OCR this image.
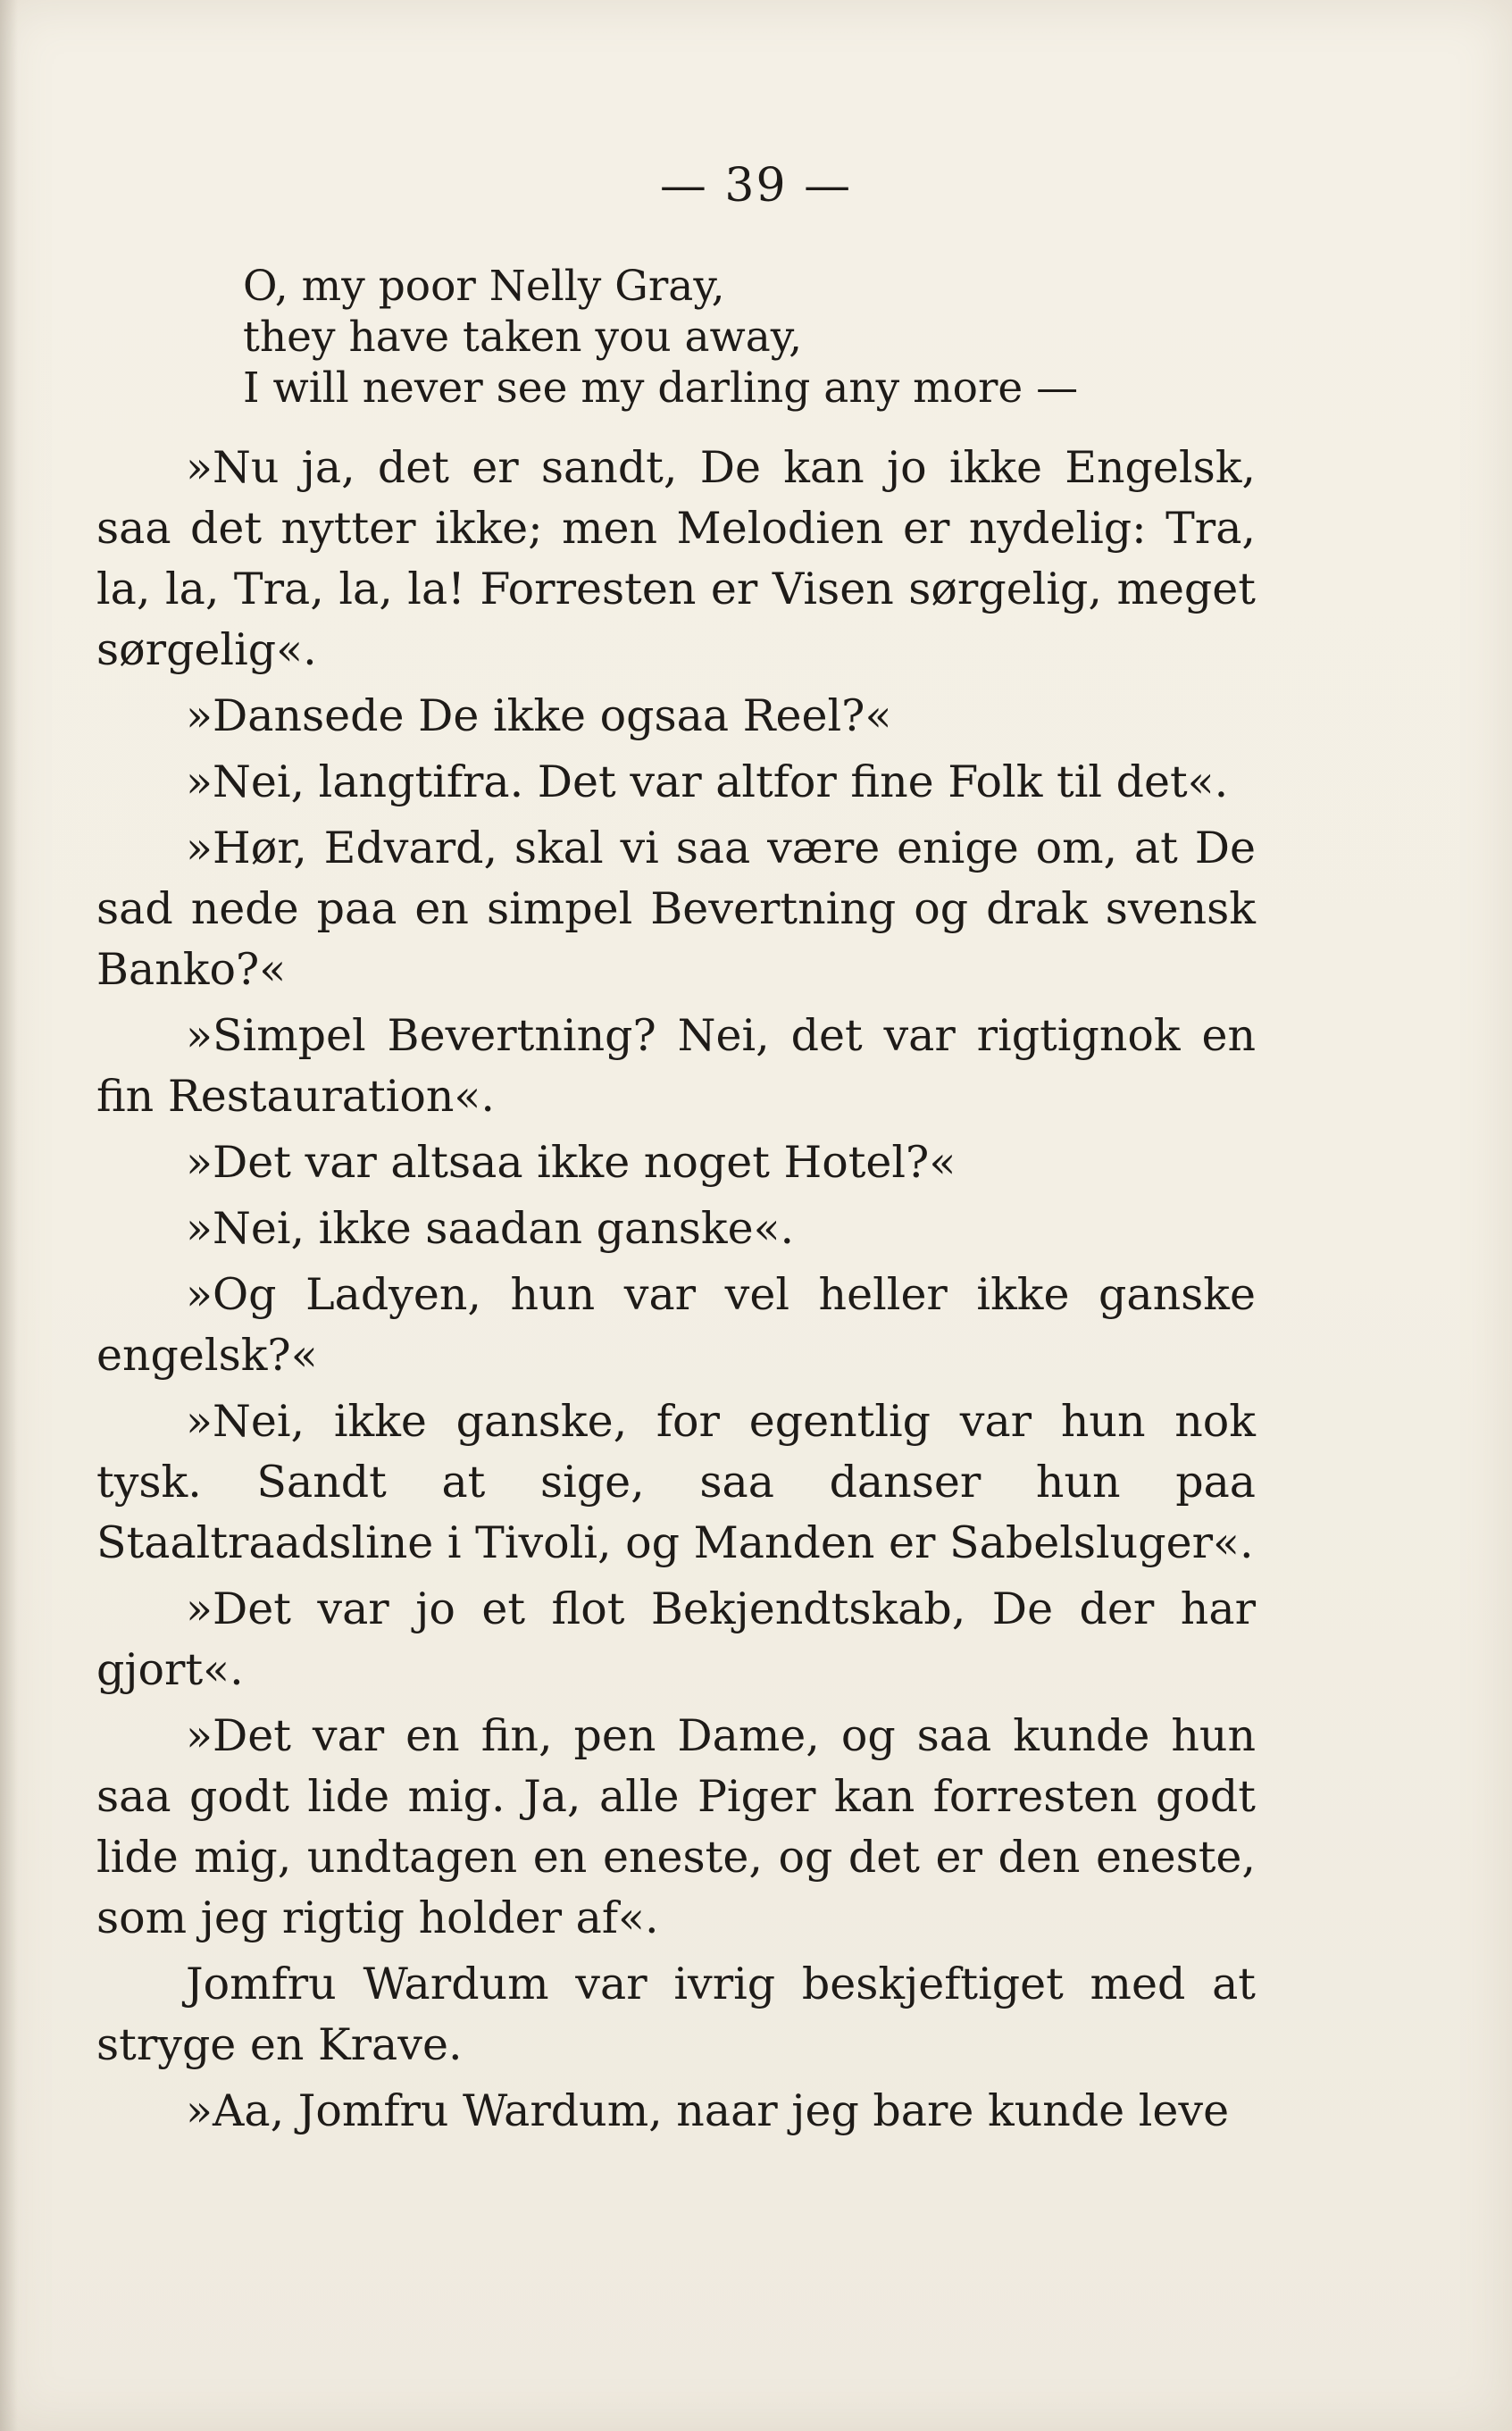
— 39 —
O, my poor Nelly Gray,
they have taken you away,
I will never see my darling any more —

»Nu ja, det er sandt, De kan jo ikke Engelsk, saa det nytter ikke; men Melodien er nydelig: Tra, la, la, Tra, la, la! Forresten er Visen sørgelig, meget sørgelig«.

»Dansede De ikke ogsaa Reel?«

»Nei, langtifra. Det var altfor fine Folk til det«.

»Hør, Edvard, skal vi saa være enige om, at De sad nede paa en simpel Bevertning og drak svensk Banko?«

»Simpel Bevertning? Nei, det var rigtignok en fin Restauration«.

»Det var altsaa ikke noget Hotel?«

»Nei, ikke saadan ganske«.

»Og Ladyen, hun var vel heller ikke ganske engelsk?«

»Nei, ikke ganske, for egentlig var hun nok tysk. Sandt at sige, saa danser hun paa Staaltraadsline i Tivoli, og Manden er Sabelsluger«.

»Det var jo et flot Bekjendtskab, De der har gjort«.

»Det var en fin, pen Dame, og saa kunde hun saa godt lide mig. Ja, alle Piger kan forresten godt lide mig, undtagen en eneste, og det er den eneste, som jeg rigtig holder af«.

Jomfru Wardum var ivrig beskjeftiget med at stryge en Krave.

»Aa, Jomfru Wardum, naar jeg bare kunde leve
